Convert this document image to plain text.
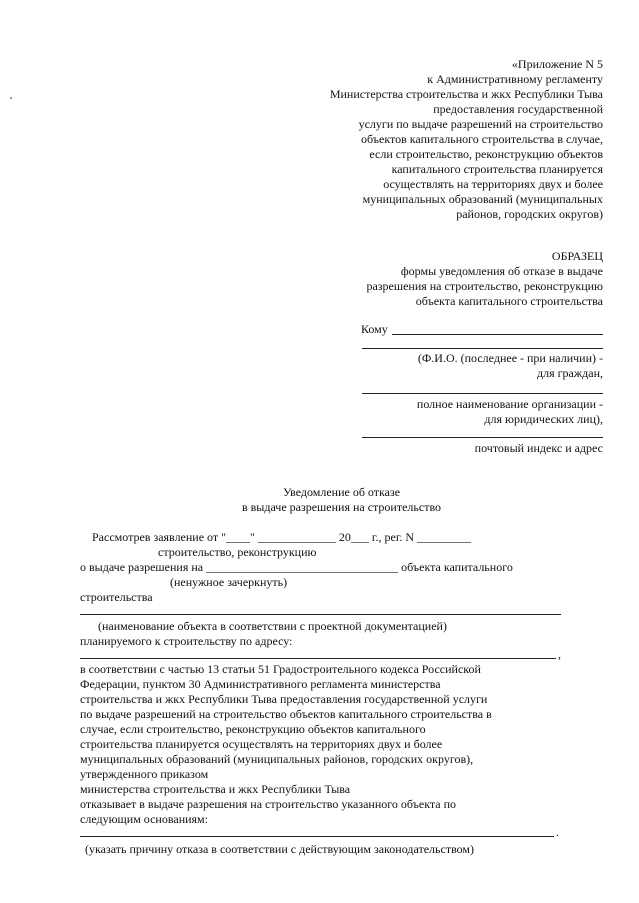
«Приложение N 5
к Административному регламенту
Министерства строительства и жкх Республики Тыва
предоставления государственной
услуги по выдаче разрешений на строительство
объектов капитального строительства в случае,
если строительство, реконструкцию объектов
капитального строительства планируется
осуществлять на территориях двух и более
муниципальных образований (муниципальных
районов, городских округов)
ОБРАЗЕЦ
формы уведомления об отказе в выдаче
разрешения на строительство, реконструкцию
объекта капитального строительства
Кому
(Ф.И.О. (последнее - при наличии) -
для граждан,
полное наименование организации -
для юридических лиц),
почтовый индекс и адрес
Уведомление об отказе
в выдаче разрешения на строительство
Рассмотрев заявление от "____" _____________ 20___ г., рег. N _________
строительство, реконструкцию
о выдаче разрешения на ________________________________ объекта капитального
(ненужное зачеркнуть)
строительства
(наименование объекта в соответствии с проектной документацией)
планируемого к строительству по адресу:
,
в соответствии с частью 13 статьи 51 Градостроительного кодекса Российской
Федерации, пунктом 30 Административного регламента министерства
строительства и жкх Республики Тыва предоставления государственной услуги
по выдаче разрешений на строительство объектов капитального строительства в
случае, если строительство, реконструкцию объектов капитального
строительства планируется осуществлять на территориях двух и более
муниципальных образований (муниципальных районов, городских округов),
утвержденного приказом
министерства строительства и жкх Республики Тыва
отказывает в выдаче разрешения на строительство указанного объекта по
следующим основаниям:
.
(указать причину отказа в соответствии с действующим законодательством)
